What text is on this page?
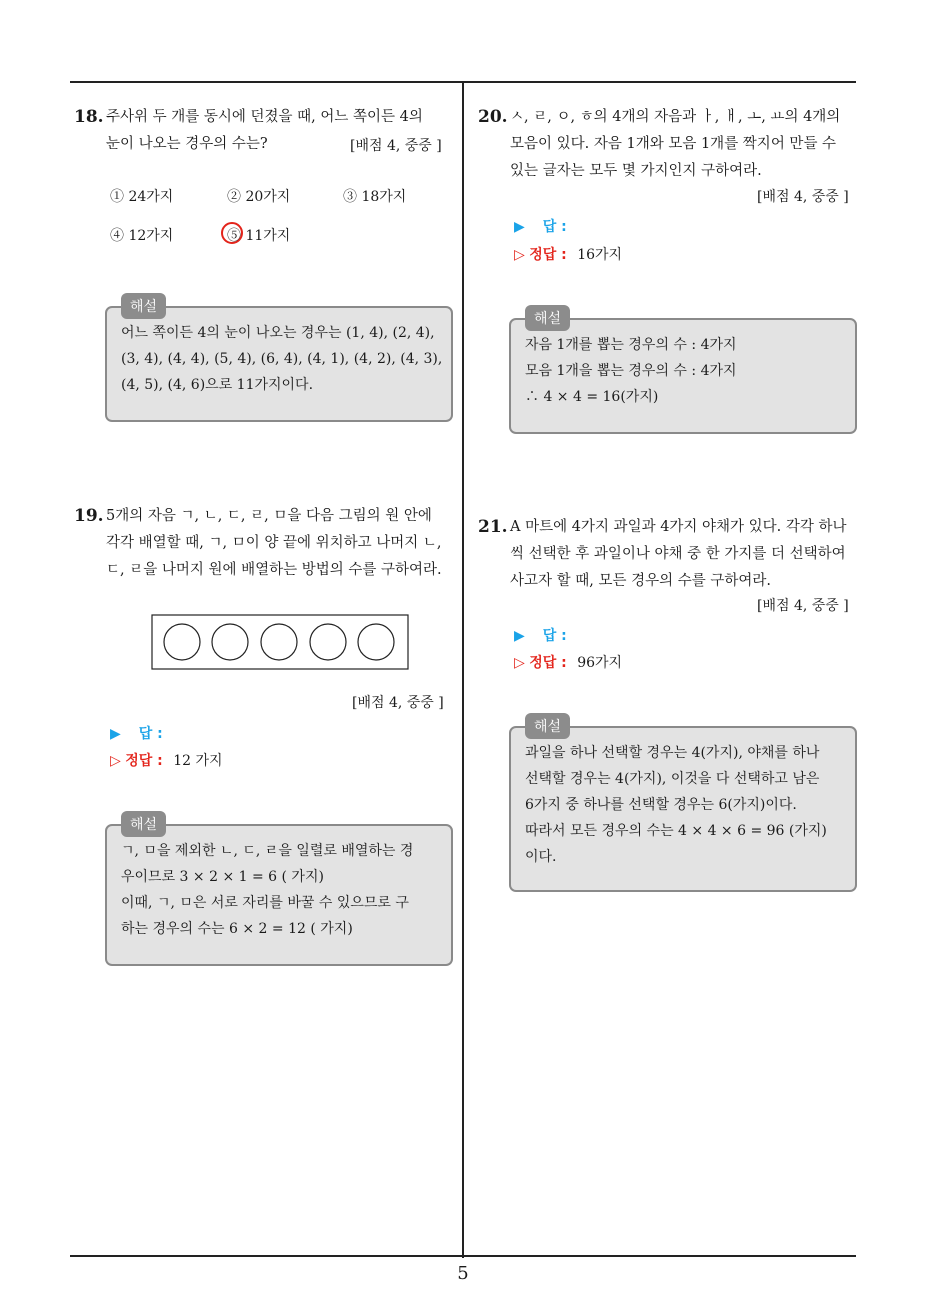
18. 주사위 두 개를 동시에 던졌을 때, 어느 쪽이든 4의
눈이 나오는 경우의 수는?	[배점 4, 중중 ]
① 24가지	② 20가지	③ 18가지
④ 12가지	⑤ 11가지
해설
어느 쪽이든 4의 눈이 나오는 경우는 (1, 4), (2, 4),
(3, 4), (4, 4), (5, 4), (6, 4), (4, 1), (4, 2), (4, 3),
(4, 5), (4, 6)으로 11가지이다.
19. 5개의 자음 ㄱ, ㄴ, ㄷ, ㄹ, ㅁ을 다음 그림의 원 안에
각각 배열할 때, ㄱ, ㅁ이 양 끝에 위치하고 나머지 ㄴ,
ㄷ, ㄹ을 나머지 원에 배열하는 방법의 수를 구하여라.
[배점 4, 중중 ]
▶ 답 :
▷ 정답 : 12 가지
해설
ㄱ, ㅁ을 제외한 ㄴ, ㄷ, ㄹ을 일렬로 배열하는 경
우이므로 3 × 2 × 1 = 6 ( 가지)
이때, ㄱ, ㅁ은 서로 자리를 바꿀 수 있으므로 구
하는 경우의 수는 6 × 2 = 12 ( 가지)
20. ㅅ, ㄹ, ㅇ, ㅎ의 4개의 자음과 ㅏ, ㅐ, ㅗ, ㅛ의 4개의
모음이 있다. 자음 1개와 모음 1개를 짝지어 만들 수
있는 글자는 모두 몇 가지인지 구하여라.
[배점 4, 중중 ]
▶ 답 :
▷ 정답 : 16가지
해설
자음 1개를 뽑는 경우의 수 : 4가지
모음 1개을 뽑는 경우의 수 : 4가지
∴ 4 × 4 = 16(가지)
21. A 마트에 4가지 과일과 4가지 야채가 있다. 각각 하나
씩 선택한 후 과일이나 야채 중 한 가지를 더 선택하여
사고자 할 때, 모든 경우의 수를 구하여라.
[배점 4, 중중 ]
▶ 답 :
▷ 정답 : 96가지
해설
과일을 하나 선택할 경우는 4(가지), 야채를 하나
선택할 경우는 4(가지), 이것을 다 선택하고 남은
6가지 중 하나를 선택할 경우는 6(가지)이다.
따라서 모든 경우의 수는 4 × 4 × 6 = 96 (가지)
이다.
5
